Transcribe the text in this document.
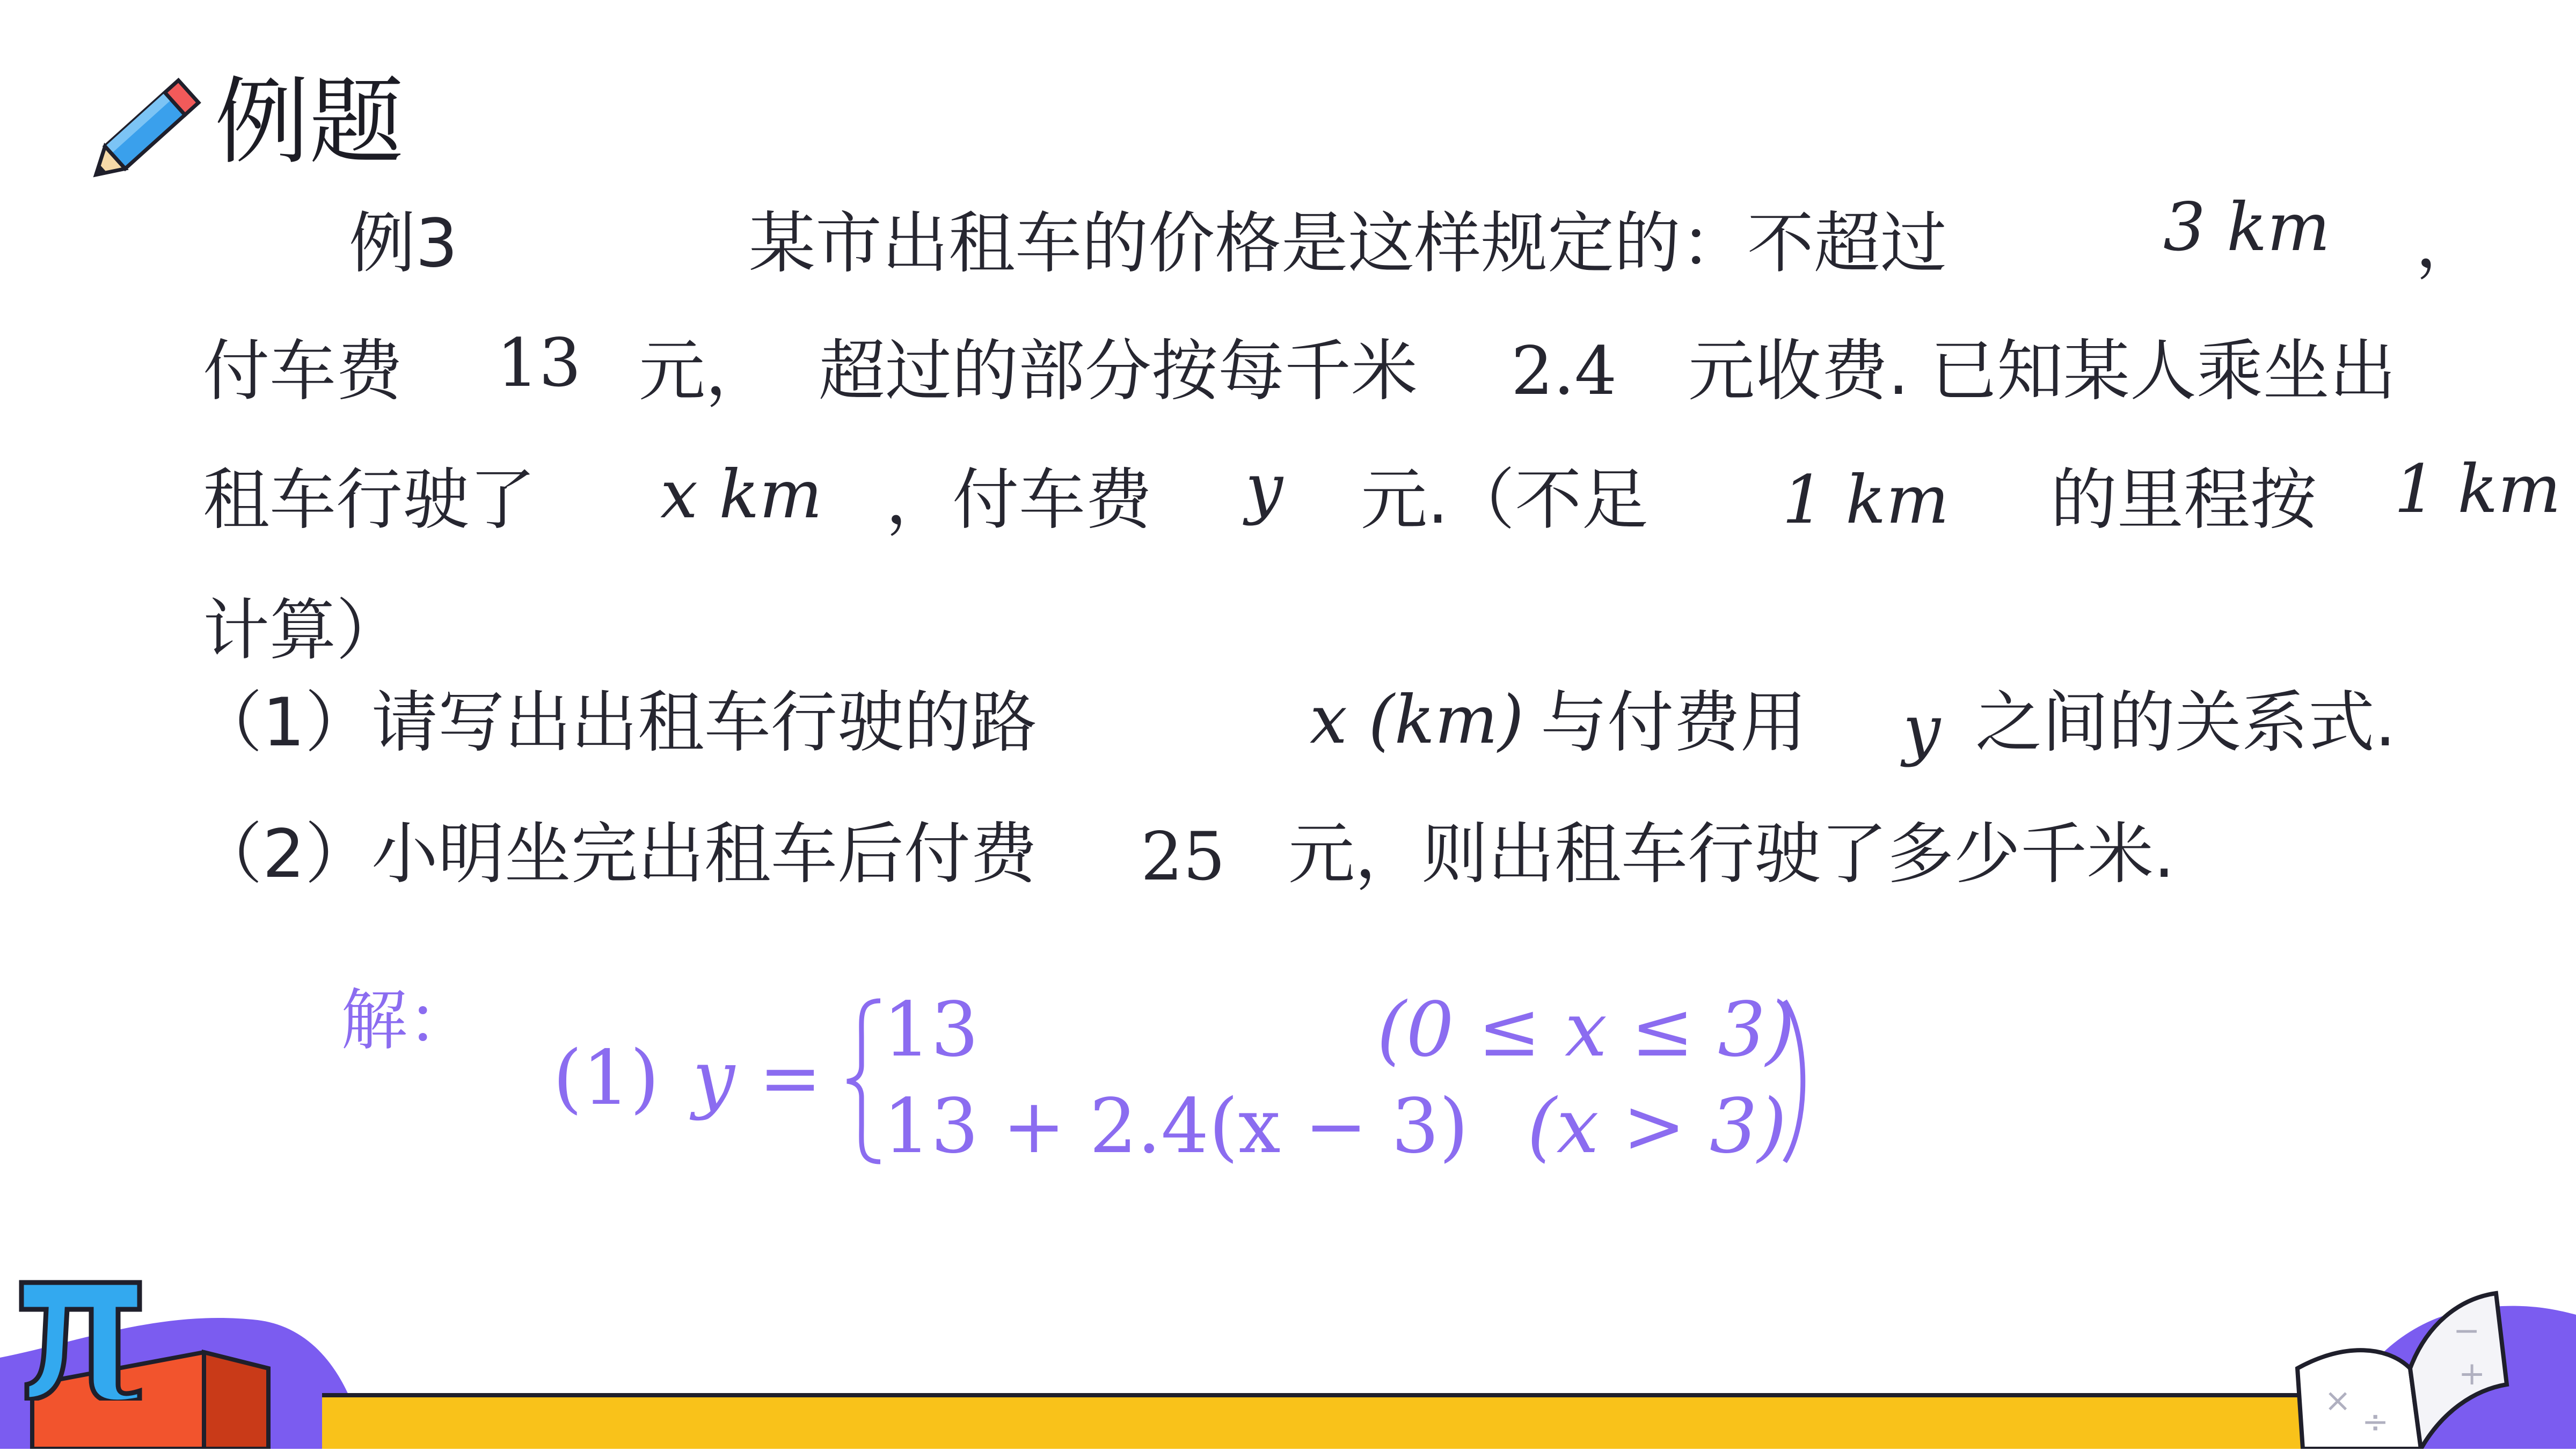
例题
例3	某市出租车的价格是这样规定的：不超过	3 km ，
付车费 13 元， 超过的部分按每千米 2.4 元收费. 已知某人乘坐出
租车行驶了 x km ，付车费 y 元.（不足 1 km 的里程按 1 km
计算）
（1）请写出出租车行驶的路	x (km) 与付费用 y 之间的关系式.
（2）小明坐完出租车后付费 25 元，则出租车行驶了多少千米.
解：
(1) y =
13	(0 ≤ x ≤ 3)
13 + 2.4(x − 3) (x > 3)
×
÷
−
+
